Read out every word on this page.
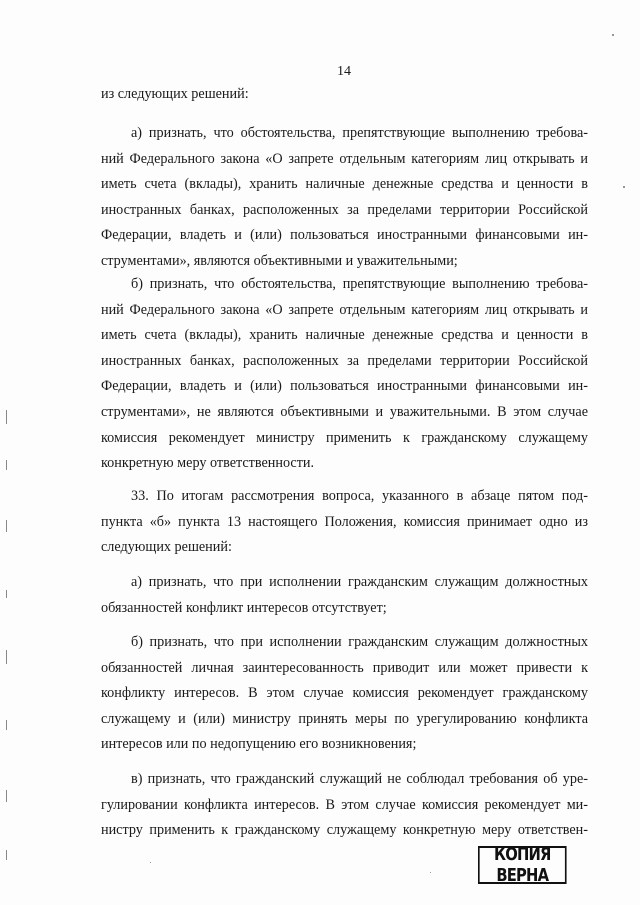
14
из следующих решений:
а) признать, что обстоятельства, препятствующие выполнению требова-
ний Федерального закона «О запрете отдельным категориям лиц открывать и
иметь счета (вклады), хранить наличные денежные средства и ценности в
иностранных банках, расположенных за пределами территории Российской
Федерации, владеть и (или) пользоваться иностранными финансовыми ин-
струментами», являются объективными и уважительными;
б) признать, что обстоятельства, препятствующие выполнению требова-
ний Федерального закона «О запрете отдельным категориям лиц открывать и
иметь счета (вклады), хранить наличные денежные средства и ценности в
иностранных банках, расположенных за пределами территории Российской
Федерации, владеть и (или) пользоваться иностранными финансовыми ин-
струментами», не являются объективными и уважительными. В этом случае
комиссия рекомендует министру применить к гражданскому служащему
конкретную меру ответственности.
33. По итогам рассмотрения вопроса, указанного в абзаце пятом под-
пункта «б» пункта 13 настоящего Положения, комиссия принимает одно из
следующих решений:
а) признать, что при исполнении гражданским служащим должностных
обязанностей конфликт интересов отсутствует;
б) признать, что при исполнении гражданским служащим должностных
обязанностей личная заинтересованность приводит или может привести к
конфликту интересов. В этом случае комиссия рекомендует гражданскому
служащему и (или) министру принять меры по урегулированию конфликта
интересов или по недопущению его возникновения;
в) признать, что гражданский служащий не соблюдал требования об уре-
гулировании конфликта интересов. В этом случае комиссия рекомендует ми-
нистру применить к гражданскому служащему конкретную меру ответствен-
КОПИЯ ВЕРНА
